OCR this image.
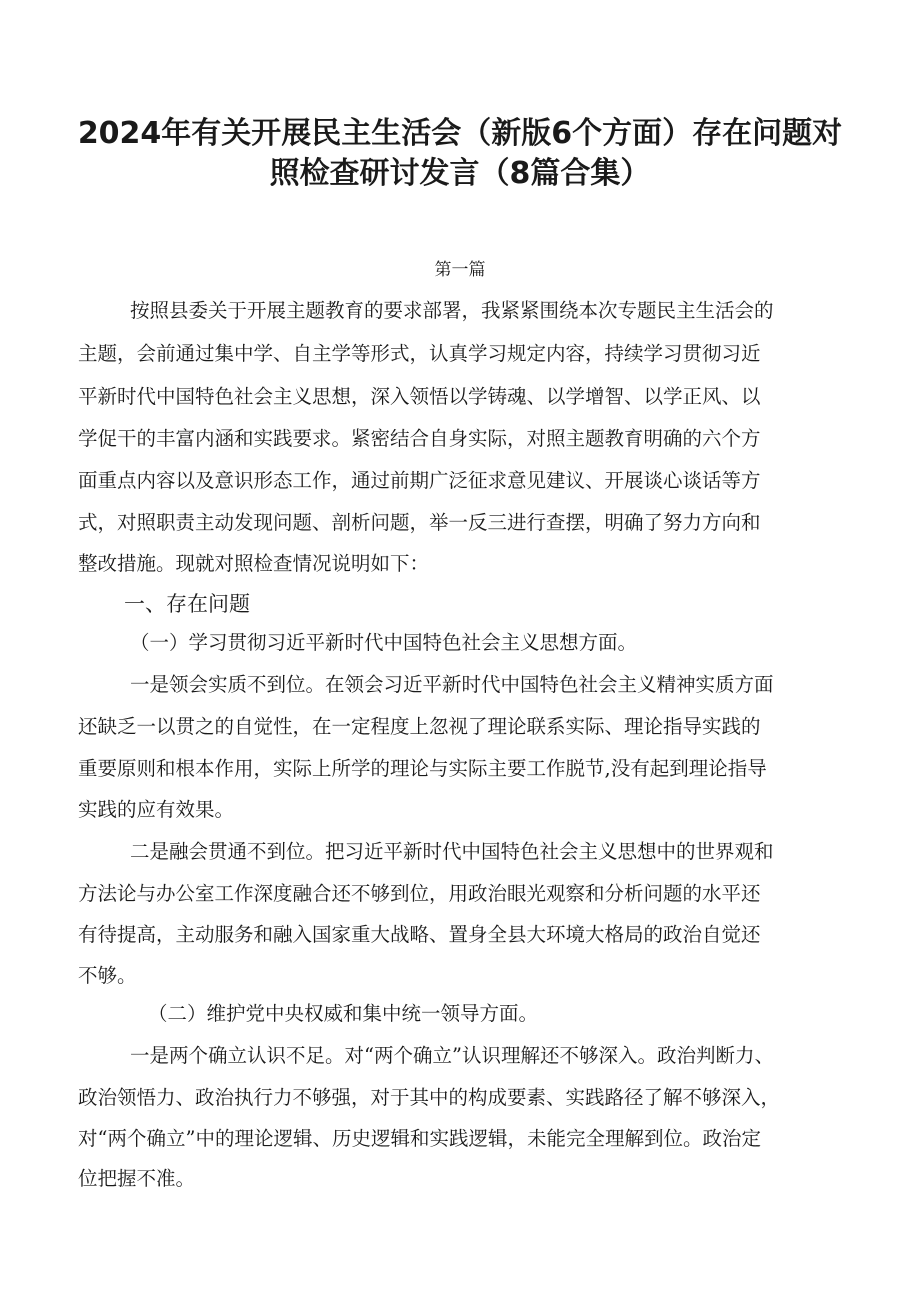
2024年有关开展民主生活会（新版6个方面）存在问题对
照检查研讨发言（8篇合集）
第一篇
按照县委关于开展主题教育的要求部署，我紧紧围绕本次专题民主生活会的
主题，会前通过集中学、自主学等形式，认真学习规定内容，持续学习贯彻习近
平新时代中国特色社会主义思想，深入领悟以学铸魂、以学增智、以学正风、以
学促干的丰富内涵和实践要求。紧密结合自身实际，对照主题教育明确的六个方
面重点内容以及意识形态工作，通过前期广泛征求意见建议、开展谈心谈话等方
式，对照职责主动发现问题、剖析问题，举一反三进行查摆，明确了努力方向和
整改措施。现就对照检查情况说明如下：
一、存在问题
（一）学习贯彻习近平新时代中国特色社会主义思想方面。
一是领会实质不到位。在领会习近平新时代中国特色社会主义精神实质方面
还缺乏一以贯之的自觉性，在一定程度上忽视了理论联系实际、理论指导实践的
重要原则和根本作用，实际上所学的理论与实际主要工作脱节,没有起到理论指导
实践的应有效果。
二是融会贯通不到位。把习近平新时代中国特色社会主义思想中的世界观和
方法论与办公室工作深度融合还不够到位，用政治眼光观察和分析问题的水平还
有待提高，主动服务和融入国家重大战略、置身全县大环境大格局的政治自觉还
不够。
（二）维护党中央权威和集中统一领导方面。
一是两个确立认识不足。对“两个确立”认识理解还不够深入。政治判断力、
政治领悟力、政治执行力不够强，对于其中的构成要素、实践路径了解不够深入，
对“两个确立”中的理论逻辑、历史逻辑和实践逻辑，未能完全理解到位。政治定
位把握不准。
